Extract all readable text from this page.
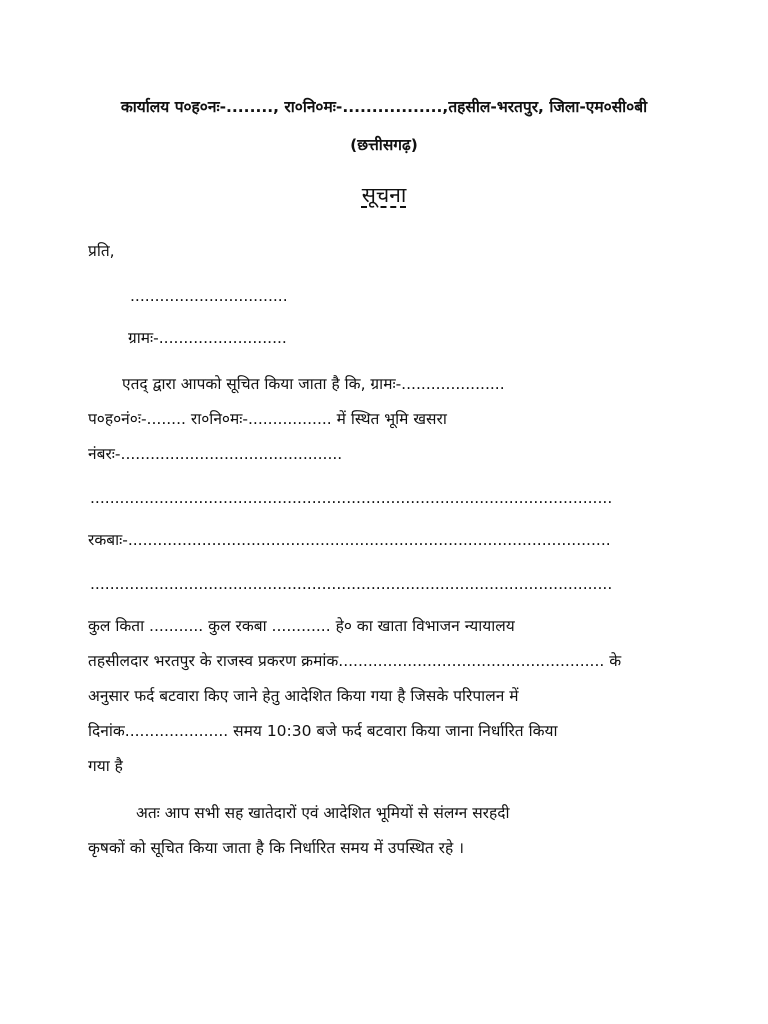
कार्यालय प०ह०नः-........, रा०नि०मः-.................,तहसील-भरतपुर, जिला-एम०सी०बी
(छत्तीसगढ़)
सूचना
प्रति,
................................
ग्रामः-..........................
एतद् द्वारा आपको सूचित किया जाता है कि, ग्रामः-.....................
प०ह०नं०ः-........ रा०नि०मः-................. में स्थित भूमि खसरा
नंबरः-.............................................
..........................................................................................................
रकबाः-..................................................................................................
..........................................................................................................
कुल किता ........... कुल रकबा ............ हे० का खाता विभाजन न्यायालय
तहसीलदार भरतपुर के राजस्व प्रकरण क्रमांक...................................................... के
अनुसार फर्द बटवारा किए जाने हेतु आदेशित किया गया है जिसके परिपालन में
दिनांक..................... समय 10:30 बजे फर्द बटवारा किया जाना निर्धारित किया
गया है
अतः आप सभी सह खातेदारों एवं आदेशित भूमियों से संलग्न सरहदी
कृषकों को सूचित किया जाता है कि निर्धारित समय में उपस्थित रहे ।
